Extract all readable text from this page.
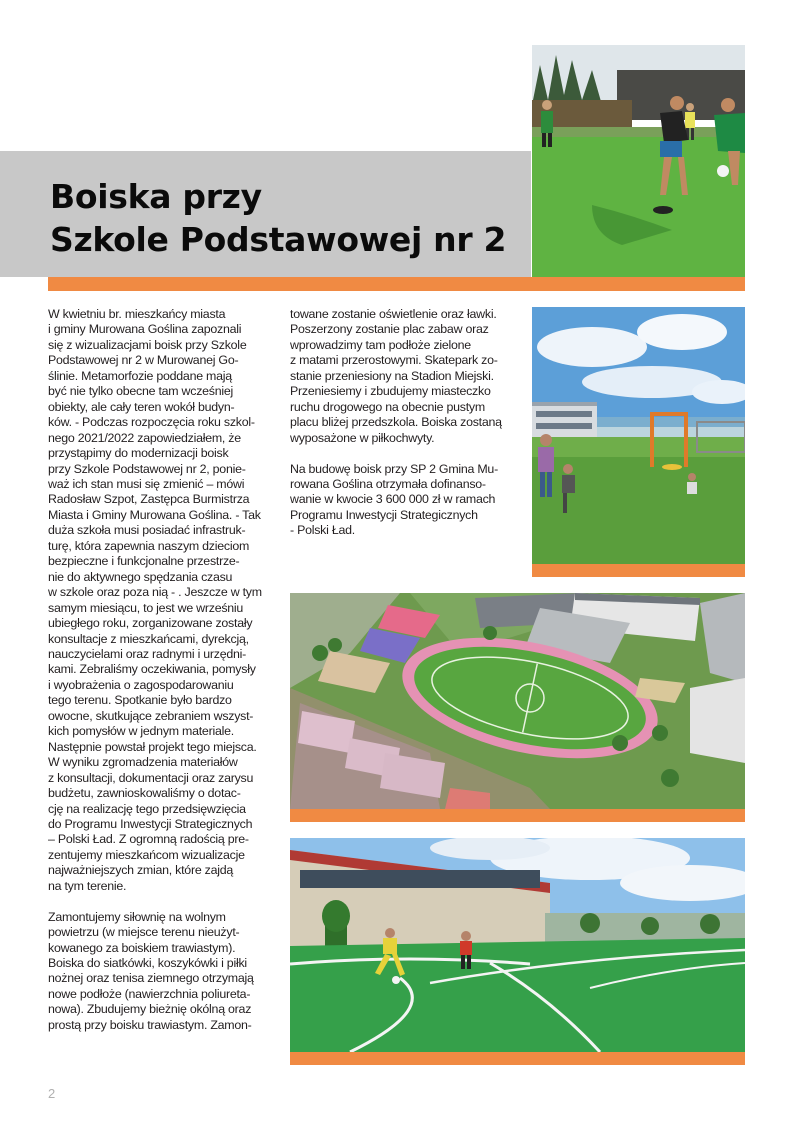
Boiska przy
Szkole Podstawowej nr 2
W kwietniu br. mieszkańcy miasta
i gminy Murowana Goślina zapoznali
się z wizualizacjami boisk przy Szkole
Podstawowej nr 2 w Murowanej Go-
ślinie. Metamorfozie poddane mają
być nie tylko obecne tam wcześniej
obiekty, ale cały teren wokół budyn-
ków. - Podczas rozpoczęcia roku szkol-
nego 2021/2022 zapowiedziałem, że
przystąpimy do modernizacji boisk
przy Szkole Podstawowej nr 2, ponie-
waż ich stan musi się zmienić – mówi
Radosław Szpot, Zastępca Burmistrza
Miasta i Gminy Murowana Goślina. - Tak
duża szkoła musi posiadać infrastruk-
turę, która zapewnia naszym dzieciom
bezpieczne i funkcjonalne przestrze-
nie do aktywnego spędzania czasu
w szkole oraz poza nią - . Jeszcze w tym
samym miesiącu, to jest we wrześniu
ubiegłego roku, zorganizowane zostały
konsultacje z mieszkańcami, dyrekcją,
nauczycielami oraz radnymi i urzędni-
kami. Zebraliśmy oczekiwania, pomysły
i wyobrażenia o zagospodarowaniu
tego terenu. Spotkanie było bardzo
owocne, skutkujące zebraniem wszyst-
kich pomysłów w jednym materiale.
Następnie powstał projekt tego miejsca.
W wyniku zgromadzenia materiałów
z konsultacji, dokumentacji oraz zarysu
budżetu, zawnioskowaliśmy o dotac-
cję na realizację tego przedsięwzięcia
do Programu Inwestycji Strategicznych
– Polski Ład. Z ogromną radością pre-
zentujemy mieszkańcom wizualizacje
najważniejszych zmian, które zajdą
na tym terenie.
Zamontujemy siłownię na wolnym
powietrzu (w miejsce terenu nieużyt-
kowanego za boiskiem trawiastym).
Boiska do siatkówki, koszykówki i piłki
nożnej oraz tenisa ziemnego otrzymają
nowe podłoże (nawierzchnia poliureta-
nowa). Zbudujemy bieżnię okólną oraz
prostą przy boisku trawiastym. Zamon-
towane zostanie oświetlenie oraz ławki.
Poszerzony zostanie plac zabaw oraz
wprowadzimy tam podłoże zielone
z matami przerostowymi. Skatepark zo-
stanie przeniesiony na Stadion Miejski.
Przeniesiemy i zbudujemy miasteczko
ruchu drogowego na obecnie pustym
placu bliżej przedszkola. Boiska zostaną
wyposażone w piłkochwyty.
Na budowę boisk przy SP 2 Gmina Mu-
rowana Goślina otrzymała dofinanso-
wanie w kwocie 3 600 000 zł w ramach
Programu Inwestycji Strategicznych
- Polski Ład.
2
